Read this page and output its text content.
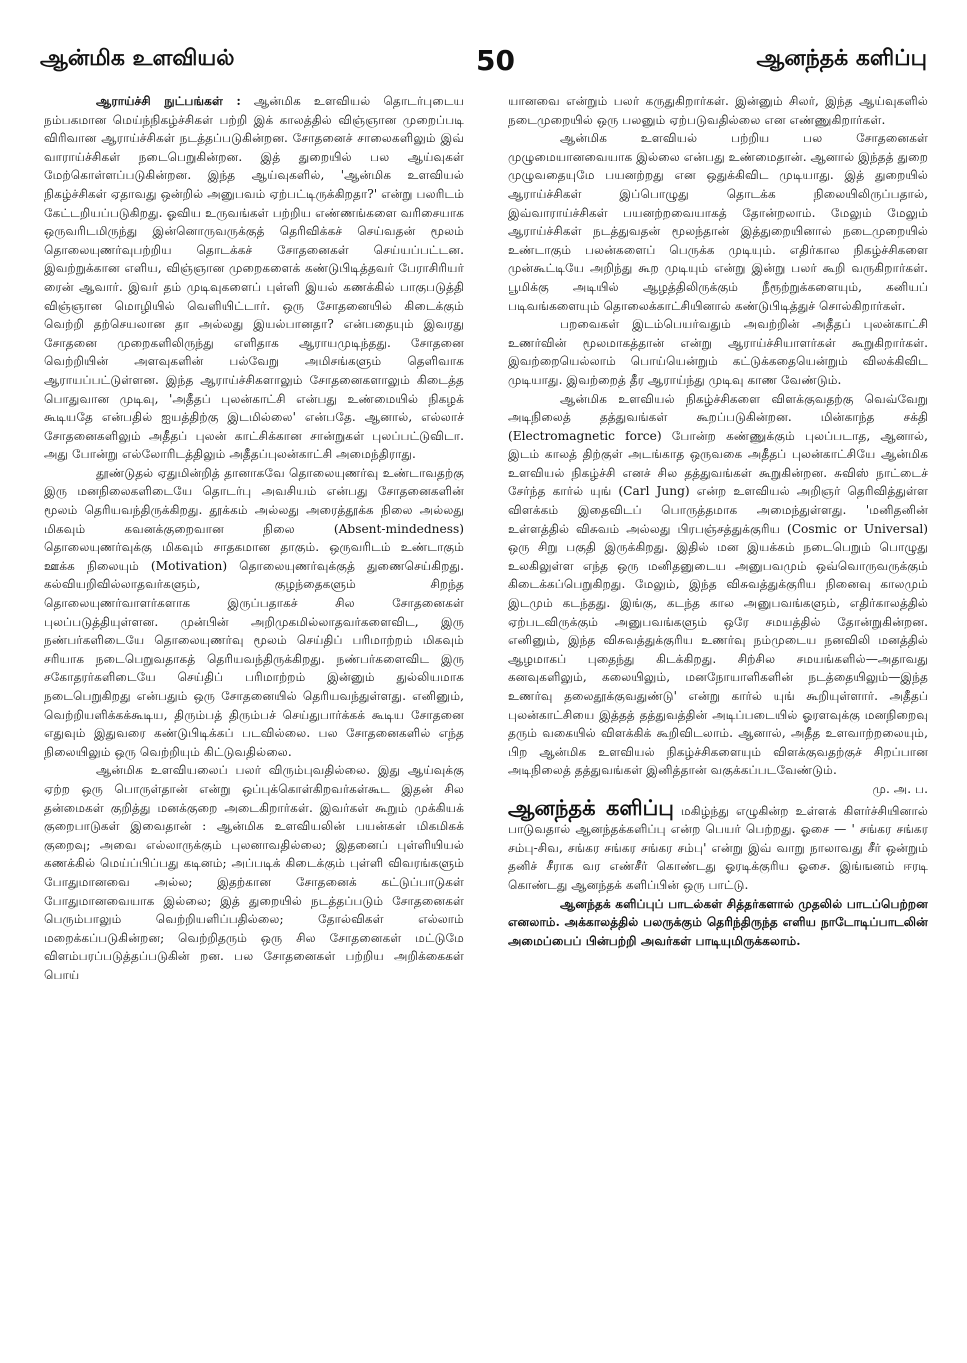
ஆன்மிக உளவியல்	50	ஆனந்தக் களிப்பு

ஆராய்ச்சி நுட்பங்கள் : ஆன்மிக உளவியல் தொடர்புடைய நம்பகமான மெய்ந்நிகழ்ச்சிகள் பற்றி இக் காலத்தில் விஞ்ஞான முறைப்படி விரிவான ஆராய்ச்சிகள் நடத்தப்படுகின்றன. சோதனைச் சாலைகளிலும் இவ் வாராய்ச்சிகள் நடைபெறுகின்றன. இத் துறையில் பல ஆய்வுகள் மேற்கொள்ளப்படுகின்றன. இந்த ஆய்வுகளில், 'ஆன்மிக உளவியல் நிகழ்ச்சிகள் ஏதாவது ஒன்றில் அனுபவம் ஏற்பட்டிருக்கிறதா?' என்று பலரிடம் கேட்டறியப்படுகிறது. ஓவிய உருவங்கள் பற்றிய எண்ணங்களை வரிசையாக ஒருவரிடமிருந்து இன்னொருவருக்குத் தெரிவிக்கச் செய்வதன் மூலம் தொலையுணர்வுபற்றிய தொடக்கச் சோதனைகள் செய்யப்பட்டன. இவற்றுக்கான எளிய, விஞ்ஞான முறைகளைக் கண்டுபிடித்தவர் பேராசிரியர் ரைன் ஆவார். இவர் தம் முடிவுகளைப் புள்ளி இயல் கணக்கில் பாகுபடுத்தி விஞ்ஞான மொழியில் வெளியிட்டார். ஒரு சோதனையில் கிடைக்கும் வெற்றி தற்செயலான தா அல்லது இயல்பானதா? என்பதையும் இவரது சோதனை முறைகளிலிருந்து எளிதாக ஆராயமுடிந்தது. சோதனை வெற்றியின் அளவுகளின் பல்வேறு அமிசங்களும் தெளிவாக ஆராயப்பட்டுள்ளன. இந்த ஆராய்ச்சிகளாலும் சோதனைகளாலும் கிடைத்த பொதுவான முடிவு, 'அதீதப் புலன்காட்சி என்பது உண்மையில் நிகழக் கூடியதே என்பதில் ஐயத்திற்கு இடமில்லை' என்பதே. ஆனால், எல்லாச் சோதனைகளிலும் அதீதப் புலன் காட்சிக்கான சான்றுகள் புலப்பட்டுவிடா. அது போன்று எல்லோரிடத்திலும் அதீதப்புலன்காட்சி அமைந்திராது.

தூண்டுதல் ஏதுமின்றித் தானாகவே தொலையுணர்வு உண்டாவதற்கு இரு மனநிலைகளிடையே தொடர்பு அவசியம் என்பது சோதனைகளின் மூலம் தெரியவந்திருக்கிறது. தூக்கம் அல்லது அரைத்தூக்க நிலை அல்லது மிகவும் கவனக்குறைவான நிலை (Absent-mindedness) தொலையுணர்வுக்கு மிகவும் சாதகமான தாகும். ஒருவரிடம் உண்டாகும் ஊக்க நிலையும் (Motivation) தொலையுணர்வுக்குத் துணைசெய்கிறது. கல்வியறிவில்லாதவர்களும், குழந்தைகளும் சிறந்த தொலையுணர்வாளர்களாக இருப்பதாகச் சில சோதனைகள் புலப்படுத்தியுள்ளன. முன்பின் அறிமுகமில்லாதவர்களைவிட, இரு நண்பர்களிடையே தொலையுணர்வு மூலம் செய்திப் பரிமாற்றம் மிகவும் சரியாக நடைபெறுவதாகத் தெரியவந்திருக்கிறது. நண்பர்களைவிட இரு சகோதரர்களிடையே செய்திப் பரிமாற்றம் இன்னும் துல்லியமாக நடைபெறுகிறது என்பதும் ஒரு சோதனையில் தெரியவந்துள்ளது. எனினும், வெற்றியளிக்கக்கூடிய, திரும்பத் திரும்பச் செய்துபார்க்கக் கூடிய சோதனை எதுவும் இதுவரை கண்டுபிடிக்கப் படவில்லை. பல சோதனைகளில் எந்த நிலையிலும் ஒரு வெற்றியும் கிட்டுவதில்லை.

ஆன்மிக உளவியலைப் பலர் விரும்புவதில்லை. இது ஆய்வுக்கு ஏற்ற ஒரு பொருள்தான் என்று ஒப்புக்கொள்கிறவர்கள்கூட இதன் சில தன்மைகள் குறித்து மனக்குறை அடைகிறார்கள். இவர்கள் கூறும் முக்கியக் குறைபாடுகள் இவைதான் : ஆன்மிக உளவியலின் பயன்கள் மிகமிகக் குறைவு; அவை எல்லாருக்கும் புலனாவதில்லை; இதனைப் புள்ளியியல் கணக்கில் மெய்ப்பிப்பது கடினம்; அப்படிக் கிடைக்கும் புள்ளி விவரங்களும் போதுமானவை அல்ல; இதற்கான சோதனைக் கட்டுப்பாடுகள் போதுமானவையாக இல்லை; இத் துறையில் நடத்தப்படும் சோதனைகள் பெரும்பாலும் வெற்றியளிப்பதில்லை; தோல்விகள் எல்லாம் மறைக்கப்படுகின்றன; வெற்றிதரும் ஒரு சில சோதனைகள் மட்டுமே விளம்பரப்படுத்தப்படுகின் றன. பல சோதனைகள் பற்றிய அறிக்கைகள் பொய்

யானவை என்றும் பலர் கருதுகிறார்கள். இன்னும் சிலர், இந்த ஆய்வுகளில் நடைமுறையில் ஒரு பலனும் ஏற்படுவதில்லை என எண்ணுகிறார்கள்.

ஆன்மிக உளவியல் பற்றிய பல சோதனைகள் முழுமையானவையாக இல்லை என்பது உண்மைதான். ஆனால் இந்தத் துறை முழுவதையுமே பயனற்றது என ஒதுக்கிவிட முடியாது. இத் துறையில் ஆராய்ச்சிகள் இப்பொழுது தொடக்க நிலையிலிருப்பதால், இவ்வாராய்ச்சிகள் பயனற்றவையாகத் தோன்றலாம். மேலும் மேலும் ஆராய்ச்சிகள் நடத்துவதன் மூலந்தான் இத்துறையினால் நடைமுறையில் உண்டாகும் பலன்களைப் பெருக்க முடியும். எதிர்கால நிகழ்ச்சிகளை முன்கூட்டியே அறிந்து கூற முடியும் என்று இன்று பலர் கூறி வருகிறார்கள். பூமிக்கு அடியில் ஆழத்திலிருக்கும் நீரூற்றுக்களையும், கனியப் படிவங்களையும் தொலைக்காட்சியினால் கண்டுபிடித்துச் சொல்கிறார்கள்.

பறவைகள் இடம்பெயர்வதும் அவற்றின் அதீதப் புலன்காட்சி உணர்வின் மூலமாகத்தான் என்று ஆராய்ச்சியாளர்கள் கூறுகிறார்கள். இவற்றையெல்லாம் பொய்யென்றும் கட்டுக்கதையென்றும் விலக்கிவிட முடியாது. இவற்றைத் தீர ஆராய்ந்து முடிவு காண வேண்டும்.

ஆன்மிக உளவியல் நிகழ்ச்சிகளை விளக்குவதற்கு வெவ்வேறு அடிநிலைத் தத்துவங்கள் கூறப்படுகின்றன. மின்காந்த சக்தி (Electromagnetic force) போன்ற கண்ணுக்கும் புலப்படாத, ஆனால், இடம் காலத் திற்குள் அடங்காத ஒருவகை அதீதப் புலன்காட்சியே ஆன்மிக உளவியல் நிகழ்ச்சி எனச் சில தத்துவங்கள் கூறுகின்றன. சுவிஸ் நாட்டைச் சேர்ந்த கார்ல் யுங் (Carl Jung) என்ற உளவியல் அறிஞர் தெரிவித்துள்ள விளக்கம் இதைவிடப் பொருத்தமாக அமைந்துள்ளது. 'மனிதனின் உள்ளத்தில் விசுவம் அல்லது பிரபஞ்சத்துக்குரிய (Cosmic or Universal) ஒரு சிறு பகுதி இருக்கிறது. இதில் மன இயக்கம் நடைபெறும் பொழுது உலகிலுள்ள எந்த ஒரு மனிதனுடைய அனுபவமும் ஒவ்வொருவருக்கும் கிடைக்கப்பெறுகிறது. மேலும், இந்த விசுவத்துக்குரிய நினைவு காலமும் இடமும் கடந்தது. இங்கு, கடந்த கால அனுபவங்களும், எதிர்காலத்தில் ஏற்படவிருக்கும் அனுபவங்களும் ஒரே சமயத்தில் தோன்றுகின்றன. எனினும், இந்த விசுவத்துக்குரிய உணர்வு நம்முடைய நனவிலி மனத்தில் ஆழமாகப் புதைந்து கிடக்கிறது. சிற்சில சமயங்களில்—அதாவது கனவுகளிலும், கலையிலும், மனநோயாளிகளின் நடத்தையிலும்—இந்த உணர்வு தலைதூக்குவதுண்டு' என்று கார்ல் யுங் கூறியுள்ளார். அதீதப் புலன்காட்சியை இத்தத் தத்துவத்தின் அடிப்படையில் ஓரளவுக்கு மனநிறைவு தரும் வகையில் விளக்கிக் கூறிவிடலாம். ஆனால், அதீத உளவாற்றலையும், பிற ஆன்மிக உளவியல் நிகழ்ச்சிகளையும் விளக்குவதற்குச் சிறப்பான அடிநிலைத் தத்துவங்கள் இனித்தான் வகுக்கப்படவேண்டும்.

மு. அ. ப.

ஆனந்தக் களிப்பு மகிழ்ந்து எழுகின்ற உள்ளக் கிளர்ச்சியினால் பாடுவதால் ஆனந்தக்களிப்பு என்ற பெயர் பெற்றது. ஓசை — ' சங்கர சங்கர சம்பு-சிவ, சங்கர சங்கர சங்கர சம்பு' என்று இவ் வாறு நாலாவது சீர் ஒன்றும் தனிச் சீராக வர எண்சீர் கொண்டது ஓரடிக்குரிய ஓசை. இங்ஙனம் ஈரடி கொண்டது ஆனந்தக் களிப்பின் ஒரு பாட்டு.

ஆனந்தக் களிப்புப் பாடல்கள் சித்தர்களால் முதலில் பாடப்பெற்றன எனலாம். அக்காலத்தில் பலருக்கும் தெரிந்திருந்த எளிய நாடோடிப்பாடலின் அமைப்பைப் பின்பற்றி அவர்கள் பாடியுமிருக்கலாம்.
